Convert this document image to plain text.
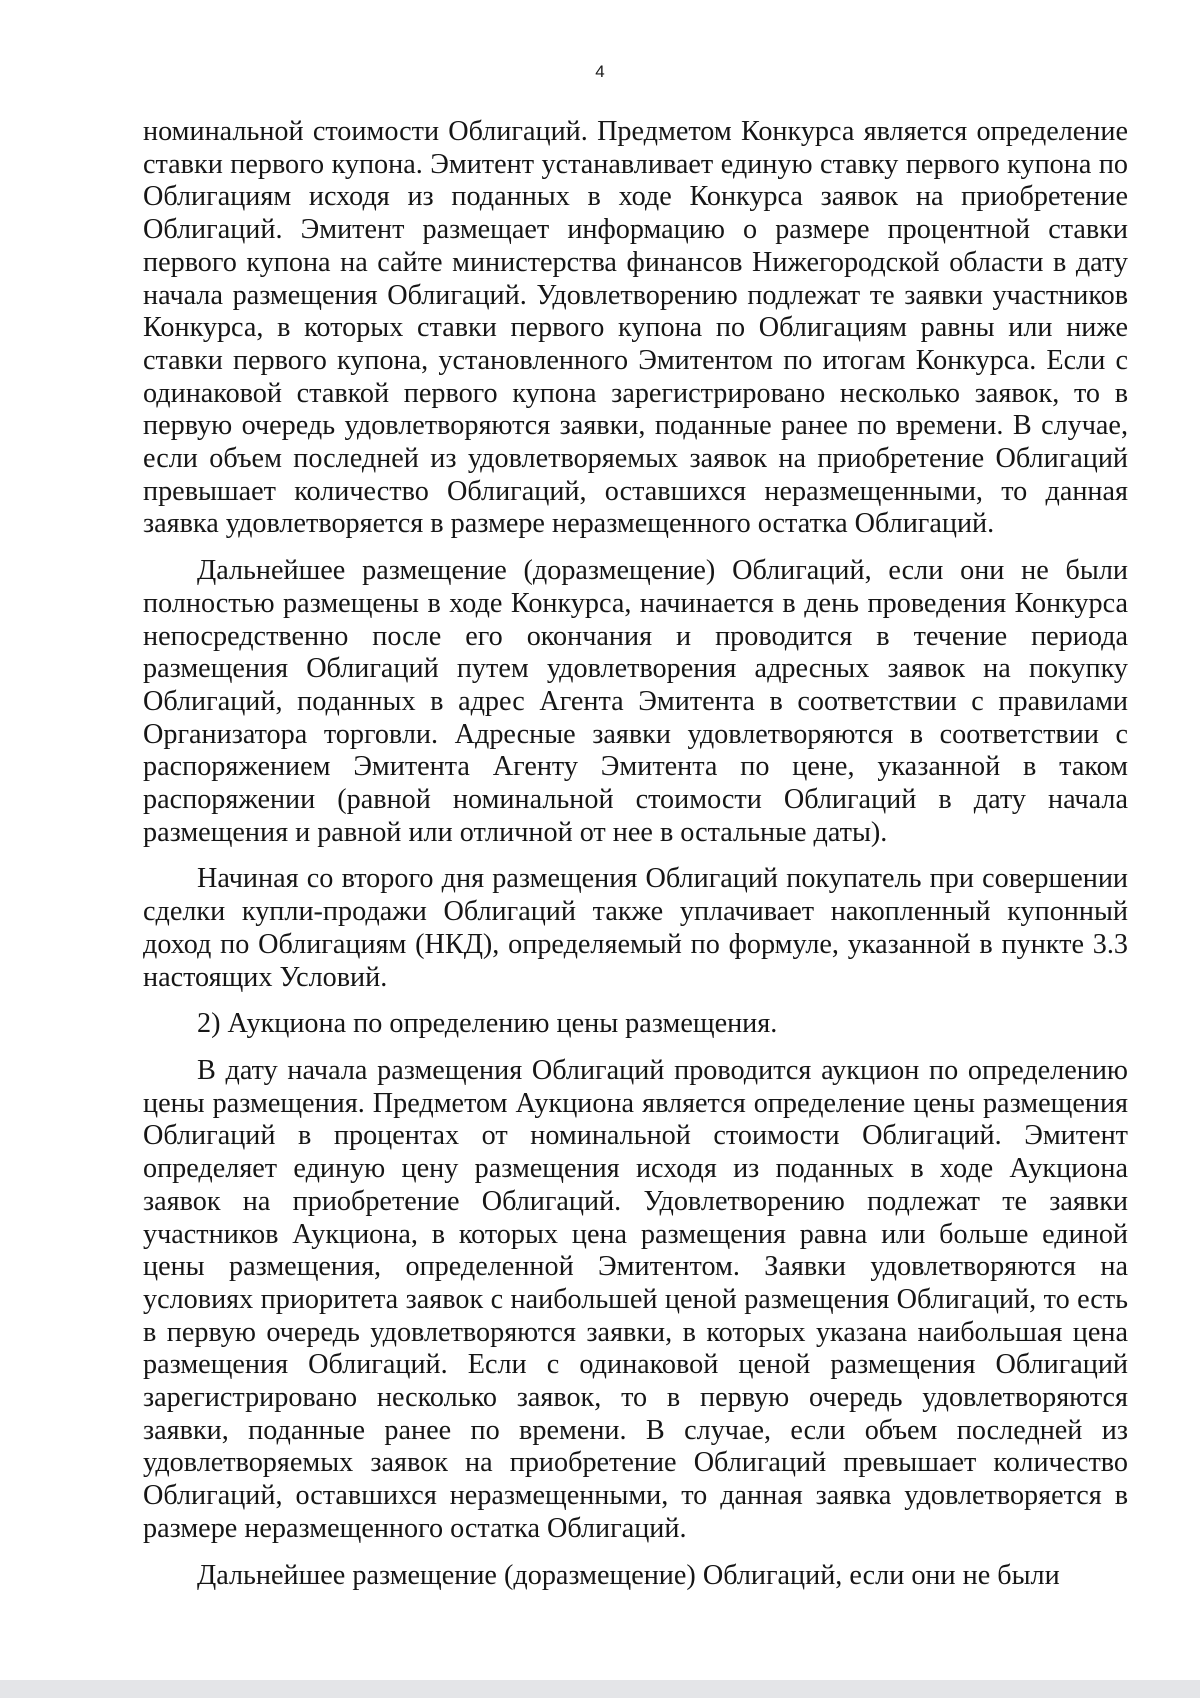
4

номинальной стоимости Облигаций. Предметом Конкурса является определение ставки первого купона. Эмитент устанавливает единую ставку первого купона по Облигациям исходя из поданных в ходе Конкурса заявок на приобретение Облигаций. Эмитент размещает информацию о размере процентной ставки первого купона на сайте министерства финансов Нижегородской области в дату начала размещения Облигаций. Удовлетворению подлежат те заявки участников Конкурса, в которых ставки первого купона по Облигациям равны или ниже ставки первого купона, установленного Эмитентом по итогам Конкурса. Если с одинаковой ставкой первого купона зарегистрировано несколько заявок, то в первую очередь удовлетворяются заявки, поданные ранее по времени. В случае, если объем последней из удовлетворяемых заявок на приобретение Облигаций превышает количество Облигаций, оставшихся неразмещенными, то данная заявка удовлетворяется в размере неразмещенного остатка Облигаций.

Дальнейшее размещение (доразмещение) Облигаций, если они не были полностью размещены в ходе Конкурса, начинается в день проведения Конкурса непосредственно после его окончания и проводится в течение периода размещения Облигаций путем удовлетворения адресных заявок на покупку Облигаций, поданных в адрес Агента Эмитента в соответствии с правилами Организатора торговли. Адресные заявки удовлетворяются в соответствии с распоряжением Эмитента Агенту Эмитента по цене, указанной в таком распоряжении (равной номинальной стоимости Облигаций в дату начала размещения и равной или отличной от нее в остальные даты).

Начиная со второго дня размещения Облигаций покупатель при совершении сделки купли-продажи Облигаций также уплачивает накопленный купонный доход по Облигациям (НКД), определяемый по формуле, указанной в пункте 3.3 настоящих Условий.

2) Аукциона по определению цены размещения.

В дату начала размещения Облигаций проводится аукцион по определению цены размещения. Предметом Аукциона является определение цены размещения Облигаций в процентах от номинальной стоимости Облигаций. Эмитент определяет единую цену размещения исходя из поданных в ходе Аукциона заявок на приобретение Облигаций. Удовлетворению подлежат те заявки участников Аукциона, в которых цена размещения равна или больше единой цены размещения, определенной Эмитентом. Заявки удовлетворяются на условиях приоритета заявок с наибольшей ценой размещения Облигаций, то есть в первую очередь удовлетворяются заявки, в которых указана наибольшая цена размещения Облигаций. Если с одинаковой ценой размещения Облигаций зарегистрировано несколько заявок, то в первую очередь удовлетворяются заявки, поданные ранее по времени. В случае, если объем последней из удовлетворяемых заявок на приобретение Облигаций превышает количество Облигаций, оставшихся неразмещенными, то данная заявка удовлетворяется в размере неразмещенного остатка Облигаций.

Дальнейшее размещение (доразмещение) Облигаций, если они не были
